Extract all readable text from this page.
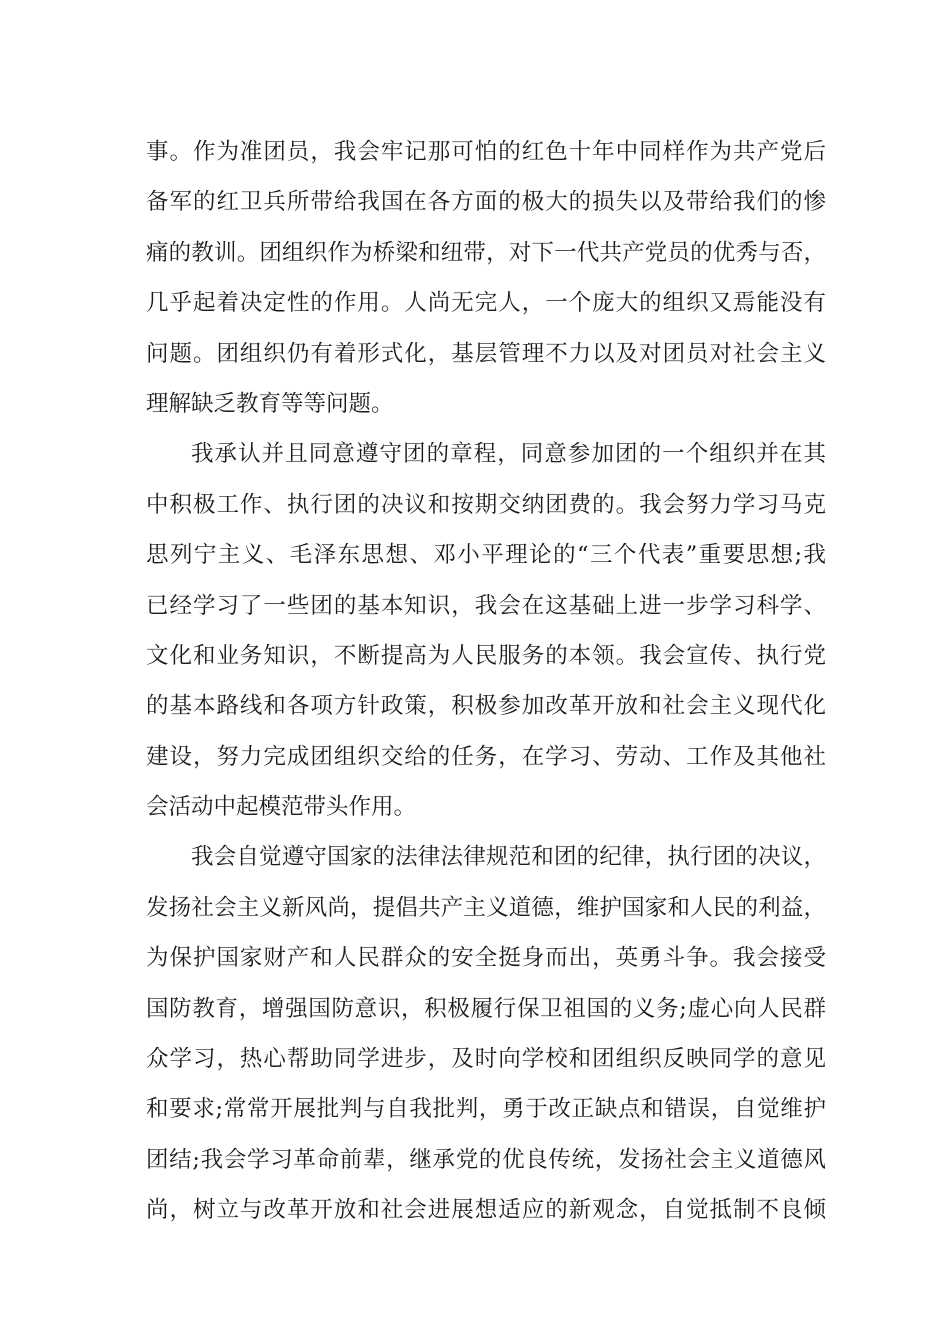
事。作为准团员，我会牢记那可怕的红色十年中同样作为共产党后
备军的红卫兵所带给我国在各方面的极大的损失以及带给我们的惨
痛的教训。团组织作为桥梁和纽带，对下一代共产党员的优秀与否，
几乎起着决定性的作用。人尚无完人，一个庞大的组织又焉能没有
问题。团组织仍有着形式化，基层管理不力以及对团员对社会主义
理解缺乏教育等等问题。
我承认并且同意遵守团的章程，同意参加团的一个组织并在其
中积极工作、执行团的决议和按期交纳团费的。我会努力学习马克
思列宁主义、毛泽东思想、邓小平理论的“三个代表”重要思想;我
已经学习了一些团的基本知识，我会在这基础上进一步学习科学、
文化和业务知识，不断提高为人民服务的本领。我会宣传、执行党
的基本路线和各项方针政策，积极参加改革开放和社会主义现代化
建设，努力完成团组织交给的任务，在学习、劳动、工作及其他社
会活动中起模范带头作用。
我会自觉遵守国家的法律法律规范和团的纪律，执行团的决议，
发扬社会主义新风尚，提倡共产主义道德，维护国家和人民的利益，
为保护国家财产和人民群众的安全挺身而出，英勇斗争。我会接受
国防教育，增强国防意识，积极履行保卫祖国的义务;虚心向人民群
众学习，热心帮助同学进步，及时向学校和团组织反映同学的意见
和要求;常常开展批判与自我批判，勇于改正缺点和错误，自觉维护
团结;我会学习革命前辈，继承党的优良传统，发扬社会主义道德风
尚，树立与改革开放和社会进展想适应的新观念，自觉抵制不良倾
